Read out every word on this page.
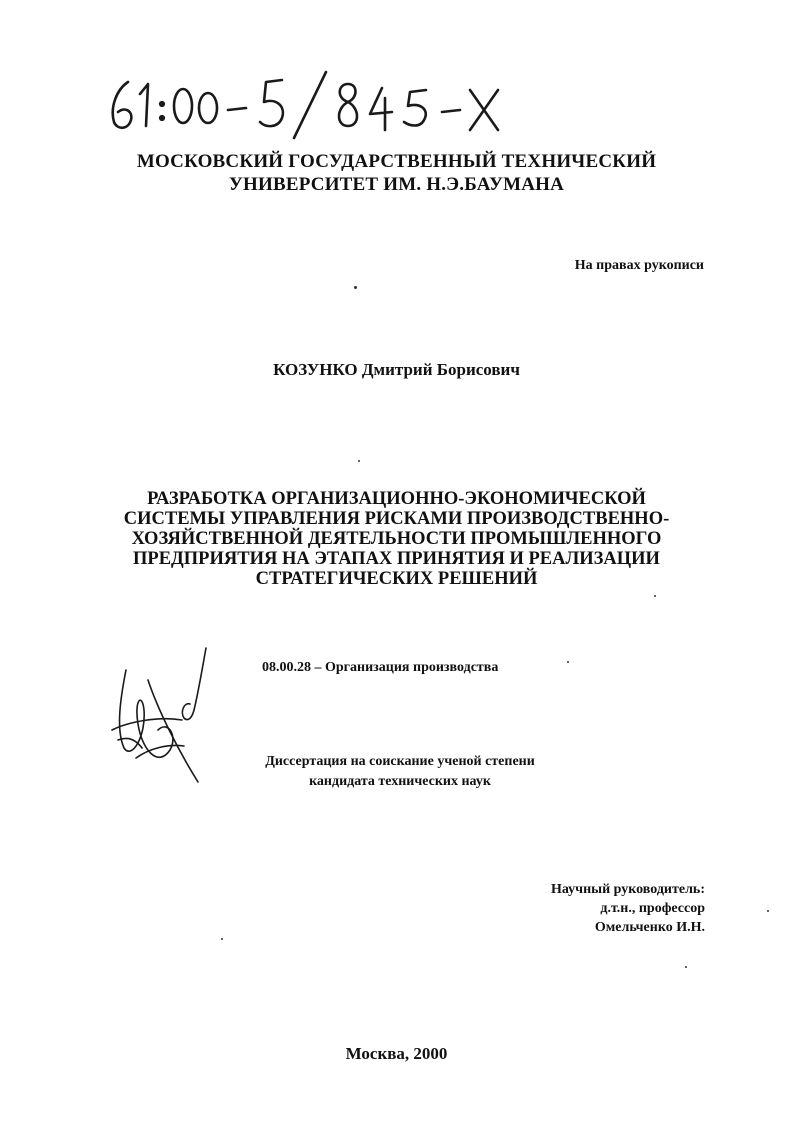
МОСКОВСКИЙ ГОСУДАРСТВЕННЫЙ ТЕХНИЧЕСКИЙ
УНИВЕРСИТЕТ ИМ. Н.Э.БАУМАНА
На правах рукописи
КОЗУНКО Дмитрий Борисович
РАЗРАБОТКА ОРГАНИЗАЦИОННО-ЭКОНОМИЧЕСКОЙ
СИСТЕМЫ УПРАВЛЕНИЯ РИСКАМИ ПРОИЗВОДСТВЕННО-
ХОЗЯЙСТВЕННОЙ ДЕЯТЕЛЬНОСТИ ПРОМЫШЛЕННОГО
ПРЕДПРИЯТИЯ НА ЭТАПАХ ПРИНЯТИЯ И РЕАЛИЗАЦИИ
СТРАТЕГИЧЕСКИХ РЕШЕНИЙ
08.00.28 – Организация производства
Диссертация на соискание ученой степени
кандидата технических наук
Научный руководитель:
д.т.н., профессор
Омельченко И.Н.
Москва, 2000
